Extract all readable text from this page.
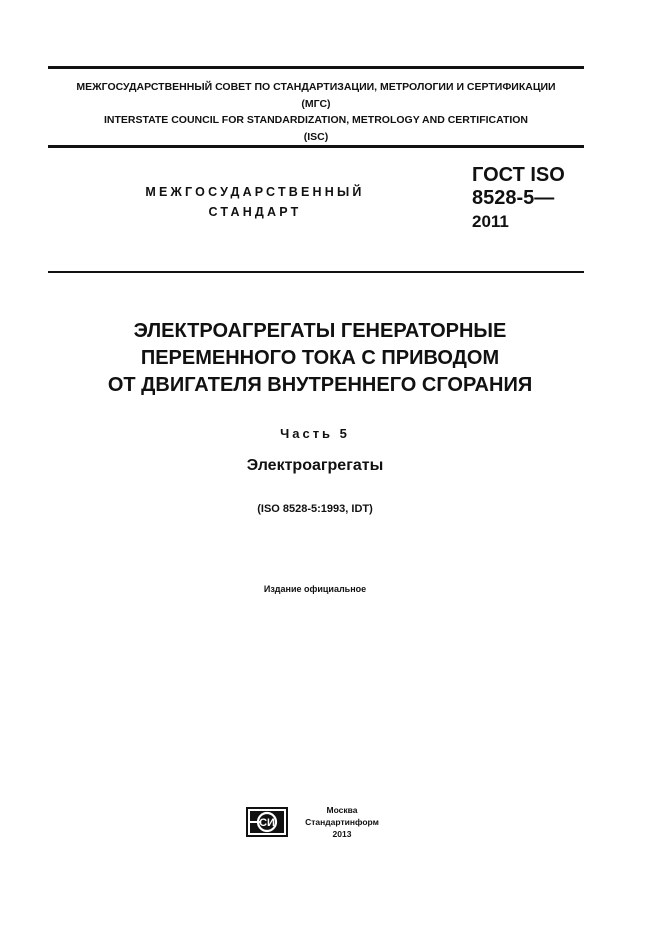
МЕЖГОСУДАРСТВЕННЫЙ СОВЕТ ПО СТАНДАРТИЗАЦИИ, МЕТРОЛОГИИ И СЕРТИФИКАЦИИ
(МГС)
INTERSTATE COUNCIL FOR STANDARDIZATION, METROLOGY AND CERTIFICATION
(ISC)
МЕЖГОСУДАРСТВЕННЫЙ
СТАНДАРТ
ГОСТ ISO
8528-5—
2011
ЭЛЕКТРОАГРЕГАТЫ ГЕНЕРАТОРНЫЕ
ПЕРЕМЕННОГО ТОКА С ПРИВОДОМ
ОТ ДВИГАТЕЛЯ ВНУТРЕННЕГО СГОРАНИЯ
Часть 5
Электроагрегаты
(ISO 8528-5:1993, IDT)
Издание официальное
СИ
Москва
Стандартинформ
2013
